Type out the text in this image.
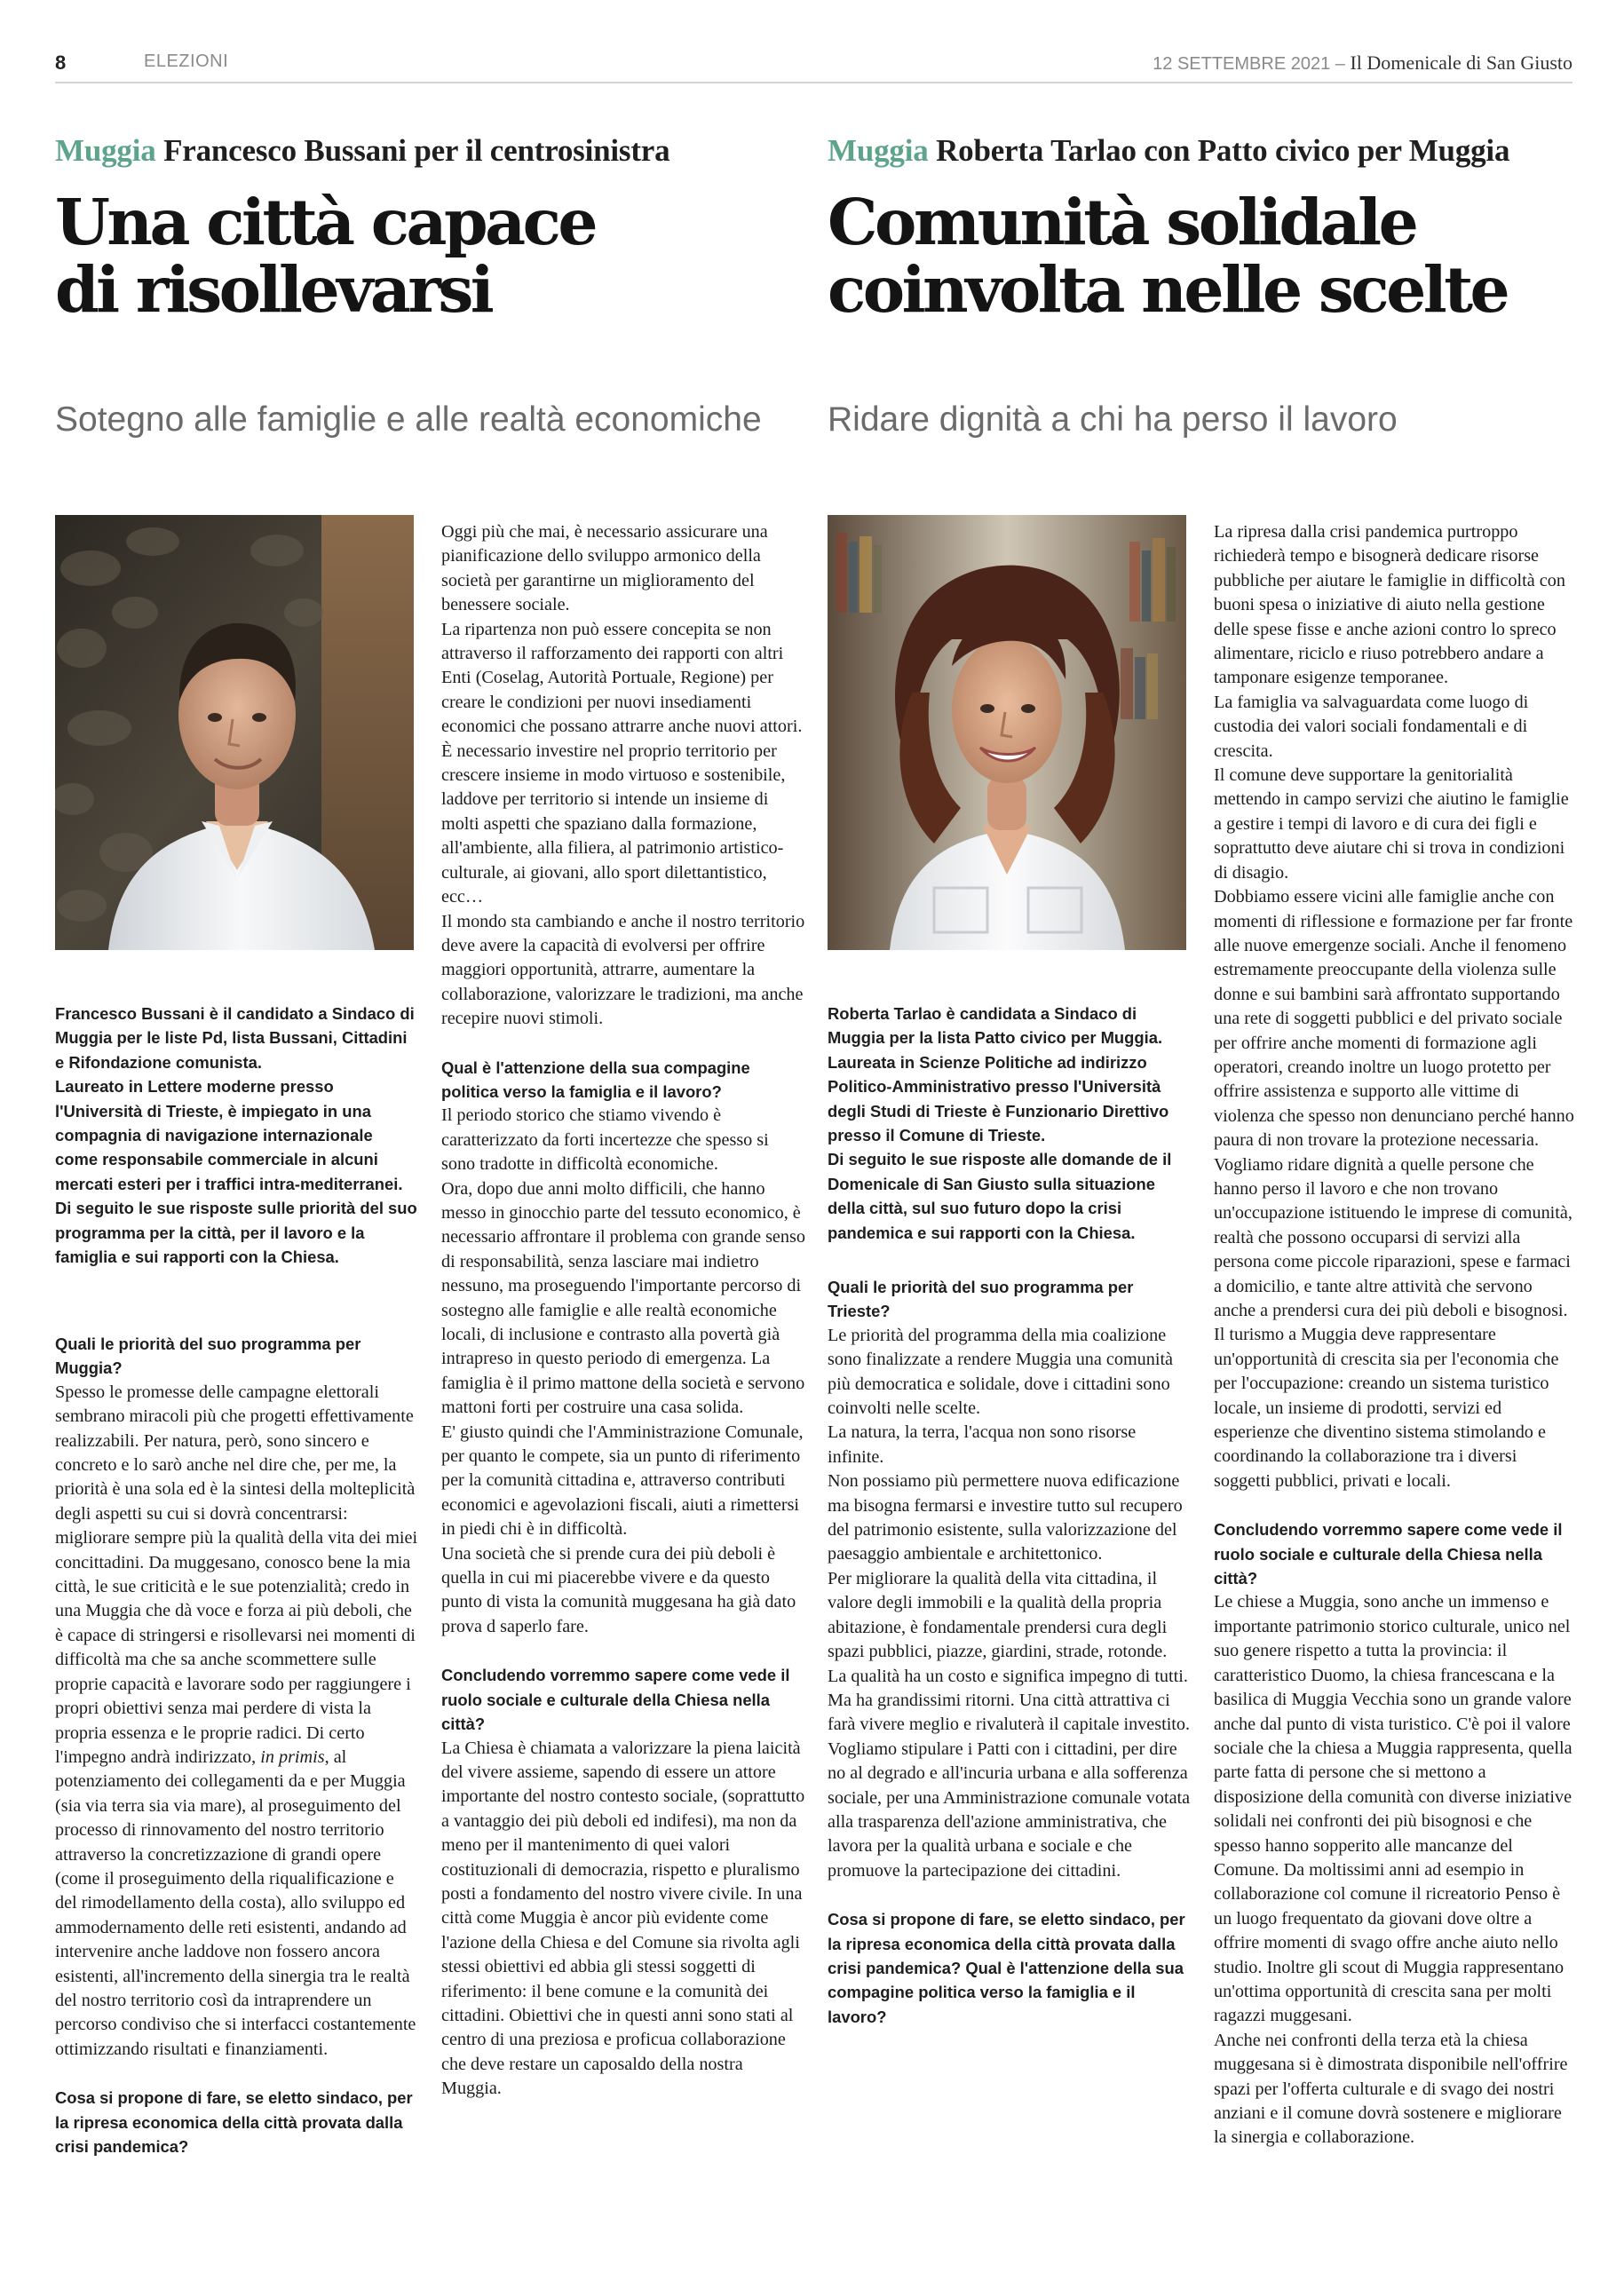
8	ELEZIONI	12 SETTEMBRE 2021 – Il Domenicale di San Giusto
Muggia Francesco Bussani per il centrosinistra
Una città capace
di risollevarsi
Sotegno alle famiglie e alle realtà economiche
Muggia Roberta Tarlao con Patto civico per Muggia
Comunità solidale
coinvolta nelle scelte
Ridare dignità a chi ha perso il lavoro

Francesco Bussani è il candidato a Sindaco di Muggia per le liste Pd, lista Bussani, Cittadini e Rifondazione comunista.

Laureato in Lettere moderne presso l'Università di Trieste, è impiegato in una compagnia di navigazione internazionale come responsabile commerciale in alcuni mercati esteri per i traffici intra-mediterranei.

Di seguito le sue risposte sulle priorità del suo programma per la città, per il lavoro e la famiglia e sui rapporti con la Chiesa.

Quali le priorità del suo programma per Muggia?

Spesso le promesse delle campagne elettorali sembrano miracoli più che progetti effettivamente realizzabili. Per natura, però, sono sincero e concreto e lo sarò anche nel dire che, per me, la priorità è una sola ed è la sintesi della molteplicità degli aspetti su cui si dovrà concentrarsi: migliorare sempre più la qualità della vita dei miei concittadini. Da muggesano, conosco bene la mia città, le sue criticità e le sue potenzialità; credo in una Muggia che dà voce e forza ai più deboli, che è capace di stringersi e risollevarsi nei momenti di difficoltà ma che sa anche scommettere sulle proprie capacità e lavorare sodo per raggiungere i propri obiettivi senza mai perdere di vista la propria essenza e le proprie radici. Di certo l'impegno andrà indirizzato, in primis, al potenziamento dei collegamenti da e per Muggia (sia via terra sia via mare), al proseguimento del processo di rinnovamento del nostro territorio attraverso la concretizzazione di grandi opere (come il proseguimento della riqualificazione e del rimodellamento della costa), allo sviluppo ed ammodernamento delle reti esistenti, andando ad intervenire anche laddove non fossero ancora esistenti, all'incremento della sinergia tra le realtà del nostro territorio così da intraprendere un percorso condiviso che si interfacci costantemente ottimizzando risultati e finanziamenti.

Cosa si propone di fare, se eletto sindaco, per la ripresa economica della città provata dalla crisi pandemica?

Oggi più che mai, è necessario assicurare una pianificazione dello sviluppo armonico della società per garantirne un miglioramento del benessere sociale.

La ripartenza non può essere concepita se non attraverso il rafforzamento dei rapporti con altri Enti (Coselag, Autorità Portuale, Regione) per creare le condizioni per nuovi insediamenti economici che possano attrarre anche nuovi attori.

È necessario investire nel proprio territorio per crescere insieme in modo virtuoso e sostenibile, laddove per territorio si intende un insieme di molti aspetti che spaziano dalla formazione, all'ambiente, alla filiera, al patrimonio artistico-culturale, ai giovani, allo sport dilettantistico, ecc…

Il mondo sta cambiando e anche il nostro territorio deve avere la capacità di evolversi per offrire maggiori opportunità, attrarre, aumentare la collaborazione, valorizzare le tradizioni, ma anche recepire nuovi stimoli.

Qual è l'attenzione della sua compagine politica verso la famiglia e il lavoro?

Il periodo storico che stiamo vivendo è caratterizzato da forti incertezze che spesso si sono tradotte in difficoltà economiche.

Ora, dopo due anni molto difficili, che hanno messo in ginocchio parte del tessuto economico, è necessario affrontare il problema con grande senso di responsabilità, senza lasciare mai indietro nessuno, ma proseguendo l'importante percorso di sostegno alle famiglie e alle realtà economiche locali, di inclusione e contrasto alla povertà già intrapreso in questo periodo di emergenza. La famiglia è il primo mattone della società e servono mattoni forti per costruire una casa solida.

E' giusto quindi che l'Amministrazione Comunale, per quanto le compete, sia un punto di riferimento per la comunità cittadina e, attraverso contributi economici e agevolazioni fiscali, aiuti a rimettersi in piedi chi è in difficoltà.

Una società che si prende cura dei più deboli è quella in cui mi piacerebbe vivere e da questo punto di vista la comunità muggesana ha già dato prova d saperlo fare.

Concludendo vorremmo sapere come vede il ruolo sociale e culturale della Chiesa nella città?

La Chiesa è chiamata a valorizzare la piena laicità del vivere assieme, sapendo di essere un attore importante del nostro contesto sociale, (soprattutto a vantaggio dei più deboli ed indifesi), ma non da meno per il mantenimento di quei valori costituzionali di democrazia, rispetto e pluralismo posti a fondamento del nostro vivere civile. In una città come Muggia è ancor più evidente come l'azione della Chiesa e del Comune sia rivolta agli stessi obiettivi ed abbia gli stessi soggetti di riferimento: il bene comune e la comunità dei cittadini. Obiettivi che in questi anni sono stati al centro di una preziosa e proficua collaborazione che deve restare un caposaldo della nostra Muggia.

Roberta Tarlao è candidata a Sindaco di Muggia per la lista Patto civico per Muggia.

Laureata in Scienze Politiche ad indirizzo Politico-Amministrativo presso l'Università degli Studi di Trieste è Funzionario Direttivo presso il Comune di Trieste.

Di seguito le sue risposte alle domande de il Domenicale di San Giusto sulla situazione della città, sul suo futuro dopo la crisi pandemica e sui rapporti con la Chiesa.

Quali le priorità del suo programma per Trieste?

Le priorità del programma della mia coalizione sono finalizzate a rendere Muggia una comunità più democratica e solidale, dove i cittadini sono coinvolti nelle scelte.

La natura, la terra, l'acqua non sono risorse infinite.

Non possiamo più permettere nuova edificazione ma bisogna fermarsi e investire tutto sul recupero del patrimonio esistente, sulla valorizzazione del paesaggio ambientale e architettonico.

Per migliorare la qualità della vita cittadina, il valore degli immobili e la qualità della propria abitazione, è fondamentale prendersi cura degli spazi pubblici, piazze, giardini, strade, rotonde.

La qualità ha un costo e significa impegno di tutti. Ma ha grandissimi ritorni. Una città attrattiva ci farà vivere meglio e rivaluterà il capitale investito.

Vogliamo stipulare i Patti con i cittadini, per dire no al degrado e all'incuria urbana e alla sofferenza sociale, per una Amministrazione comunale votata alla trasparenza dell'azione amministrativa, che lavora per la qualità urbana e sociale e che promuove la partecipazione dei cittadini.

Cosa si propone di fare, se eletto sindaco, per la ripresa economica della città provata dalla crisi pandemica? Qual è l'attenzione della sua compagine politica verso la famiglia e il lavoro?

La ripresa dalla crisi pandemica purtroppo richiederà tempo e bisognerà dedicare risorse pubbliche per aiutare le famiglie in difficoltà con buoni spesa o iniziative di aiuto nella gestione delle spese fisse e anche azioni contro lo spreco alimentare, riciclo e riuso potrebbero andare a tamponare esigenze temporanee.

La famiglia va salvaguardata come luogo di custodia dei valori sociali fondamentali e di crescita.

Il comune deve supportare la genitorialità mettendo in campo servizi che aiutino le famiglie a gestire i tempi di lavoro e di cura dei figli e soprattutto deve aiutare chi si trova in condizioni di disagio.

Dobbiamo essere vicini alle famiglie anche con momenti di riflessione e formazione per far fronte alle nuove emergenze sociali. Anche il fenomeno estremamente preoccupante della violenza sulle donne e sui bambini sarà affrontato supportando una rete di soggetti pubblici e del privato sociale per offrire anche momenti di formazione agli operatori, creando inoltre un luogo protetto per offrire assistenza e supporto alle vittime di violenza che spesso non denunciano perché hanno paura di non trovare la protezione necessaria.

Vogliamo ridare dignità a quelle persone che hanno perso il lavoro e che non trovano un'occupazione istituendo le imprese di comunità, realtà che possono occuparsi di servizi alla persona come piccole riparazioni, spese e farmaci a domicilio, e tante altre attività che servono anche a prendersi cura dei più deboli e bisognosi.

Il turismo a Muggia deve rappresentare un'opportunità di crescita sia per l'economia che per l'occupazione: creando un sistema turistico locale, un insieme di prodotti, servizi ed esperienze che diventino sistema stimolando e coordinando la collaborazione tra i diversi soggetti pubblici, privati e locali.

Concludendo vorremmo sapere come vede il ruolo sociale e culturale della Chiesa nella città?

Le chiese a Muggia, sono anche un immenso e importante patrimonio storico culturale, unico nel suo genere rispetto a tutta la provincia: il caratteristico Duomo, la chiesa francescana e la basilica di Muggia Vecchia sono un grande valore anche dal punto di vista turistico. C'è poi il valore sociale che la chiesa a Muggia rappresenta, quella parte fatta di persone che si mettono a disposizione della comunità con diverse iniziative solidali nei confronti dei più bisognosi e che spesso hanno sopperito alle mancanze del Comune. Da moltissimi anni ad esempio in collaborazione col comune il ricreatorio Penso è un luogo frequentato da giovani dove oltre a offrire momenti di svago offre anche aiuto nello studio. Inoltre gli scout di Muggia rappresentano un'ottima opportunità di crescita sana per molti ragazzi muggesani.

Anche nei confronti della terza età la chiesa muggesana si è dimostrata disponibile nell'offrire spazi per l'offerta culturale e di svago dei nostri anziani e il comune dovrà sostenere e migliorare la sinergia e collaborazione.
